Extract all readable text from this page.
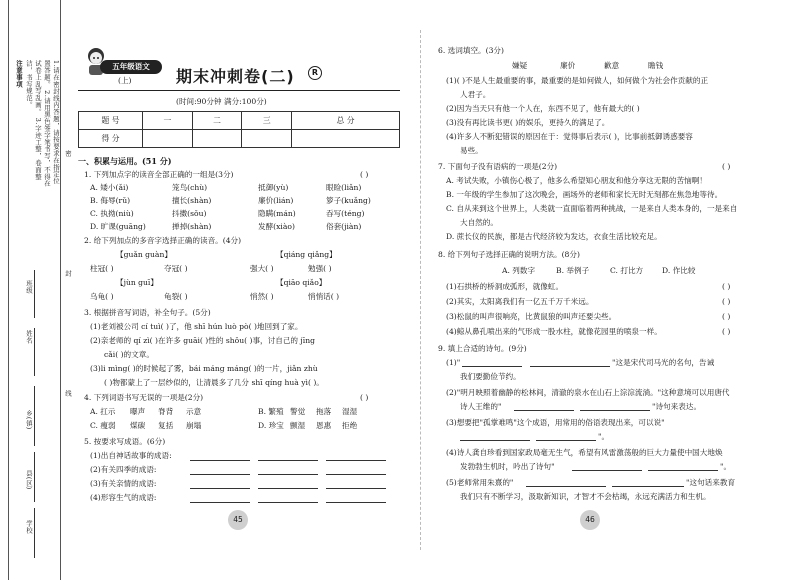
注意事项	1.请在密封线内答题，请按要求在指定位置答题。 2.请用黑色签字笔书写，不得在试卷上乱写乱画。 3.字迹工整，卷面整洁，书写规范。
班级
姓名
乡(镇)
县(区)
学校
密
封
线
五年级语文
(上)	期末冲刺卷(二)	R
(时间:90分钟 满分:100分)
题 号	一	二	三	总 分
得 分				
一、积累与运用。(51 分)
1. 下列加点字的读音全部正确的一组是(3分)	( )
A. 矮小(ǎi)	笼鸟(chù)	抵御(yù)	眼睑(liǎn)
B. 侮辱(rǔ)	擅长(shàn)	廉价(lián)	箩子(kuǎng)
C. 执拗(niù)	抖擞(sǒu)	隐瞒(mán)	吞写(téng)
D. 旷课(guāng)	掸掉(shàn)	发酵(xiào)	俗套(jiàn)
2. 给下列加点的多音字选择正确的读音。(4分)
【guǎn guàn】	【qiáng qiǎng】
柱冠( )	夺冠( )	强大( )	勉强( )
【jùn guī】	【qiāo qiǎo】
乌龟( )	龟裂( )	悄然( )	悄悄话( )
3. 根据拼音写词语，补全句子。(5分)
(1)老刘被公司 cí tuì( )了，他 shī hún luò pò( )地回到了家。
(2)亲老师的 qí zì( )在许多 guāi( )性的 shǒu( )事，讨自己的 jīng
cǎi( )的文章。
(3)li mìng( )的时候起了雾，bái máng máng( )的一片，jiǎn zhù
( )物都蒙上了一层纱似的，让清晨多了几分 shī qíng huà yì( )。
4. 下列词语书写无误的一项是(2分)	( )
A. 扛示 曝声 脊背 示意	B. 繁殖 警觉 拖落 湿湿
C. 瘦弱 煤碳 复括 崩塌	D. 珍宝 颤湿 恩惠 拒绝
5. 按要求写成语。(6分)
(1)出自神话故事的成语:
(2)有关四季的成语:
(3)有关亲情的成语:
(4)形容生气的成语:
45
6. 选词填空。(3分)
嫌疑	廉价	歉意	瞻钱
(1)( )不是人生最重要的事，最重要的是如何做人，如何做个为社会作贡献的正
人君子。
(2)因为当天只有他一个人在，东西不见了，他有最大的( )
(3)没有再比读书更( )的娱乐，更持久的满足了。
(4)许多人不断犯错误的原因在于：觉得事后表示( )，比事前抵御诱惑要容
易些。
7. 下面句子没有语病的一项是(2分)	( )
A. 考试失败，小镇伤心极了，他多么希望知心朋友和他分享这无限的苦恼啊！
B. 一年级的学生参加了这次晚会，画场外的老师和家长无时无刻都在焦急地等待。
C. 自从来到这个世界上，人类就一直面临着两种挑战，一是来自人类本身的，一是来自
大自然的。
D. 蔗长仪的民族，都是古代经济较为发达，衣食生活比较充足。
8. 给下列句子选择正确的说明方法。(8分)
A. 列数字	B. 举例子	C. 打比方 D. 作比较
(1)石拱桥的桥洞成弧形，就像虹。
(2)其实，太阳离我们有一亿五千万千米远。
(3)松鼠的叫声很响亮，比黄鼠狼的叫声还要尖些。
(4)鲸从鼻孔喷出来的气形成一股水柱，就像花园里的喷泉一样。
( )
( )
( )
( )
9. 填上合适的诗句。(9分)
(1)"	"这是宋代司马光的名句，告诫
我们要勤俭节约。
(2)"明月映照着幽静的松林间，清澈的泉水在山石上淙淙流淌。"这种意境可以用唐代
诗人王维的"	"诗句来表达。
(3)想要把"孤掌难鸣"这个成语，用常用的俗语表现出来，可以说"
"。
(4)诗人龚自珍看到国家政局毫无生气，希望有风雷激荡般的巨大力量使中国大地焕
发勃勃生机时，吟出了诗句"	"。
(5)老师常用朱熹的"	"这句话来教育
我们只有不断学习，汲取新知识，才智才不会枯竭，永远充满活力和生机。
46
